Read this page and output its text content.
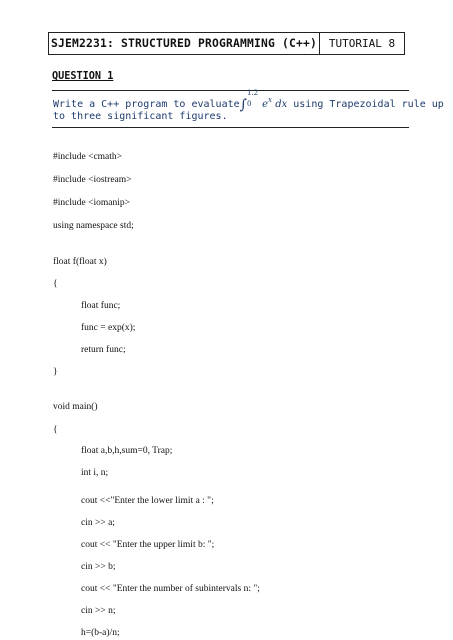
SJEM2231: STRUCTURED PROGRAMMING (C++)	TUTORIAL 8
QUESTION 1
Write a C++ program to evaluate∫
1.2
0 $e^x$ dx using Trapezoidal rule up
to three significant figures.
#include <cmath>
#include <iostream>
#include <iomanip>
using namespace std;
float f(float x)
{
float func;
func = exp(x);
return func;
}
void main()
{
float a,b,h,sum=0, Trap;
int i, n;
cout <<"Enter the lower limit a : ";
cin >> a;
cout << "Enter the upper limit b: ";
cin >> b;
cout << "Enter the number of subintervals n: ";
cin >> n;
h=(b-a)/n;
